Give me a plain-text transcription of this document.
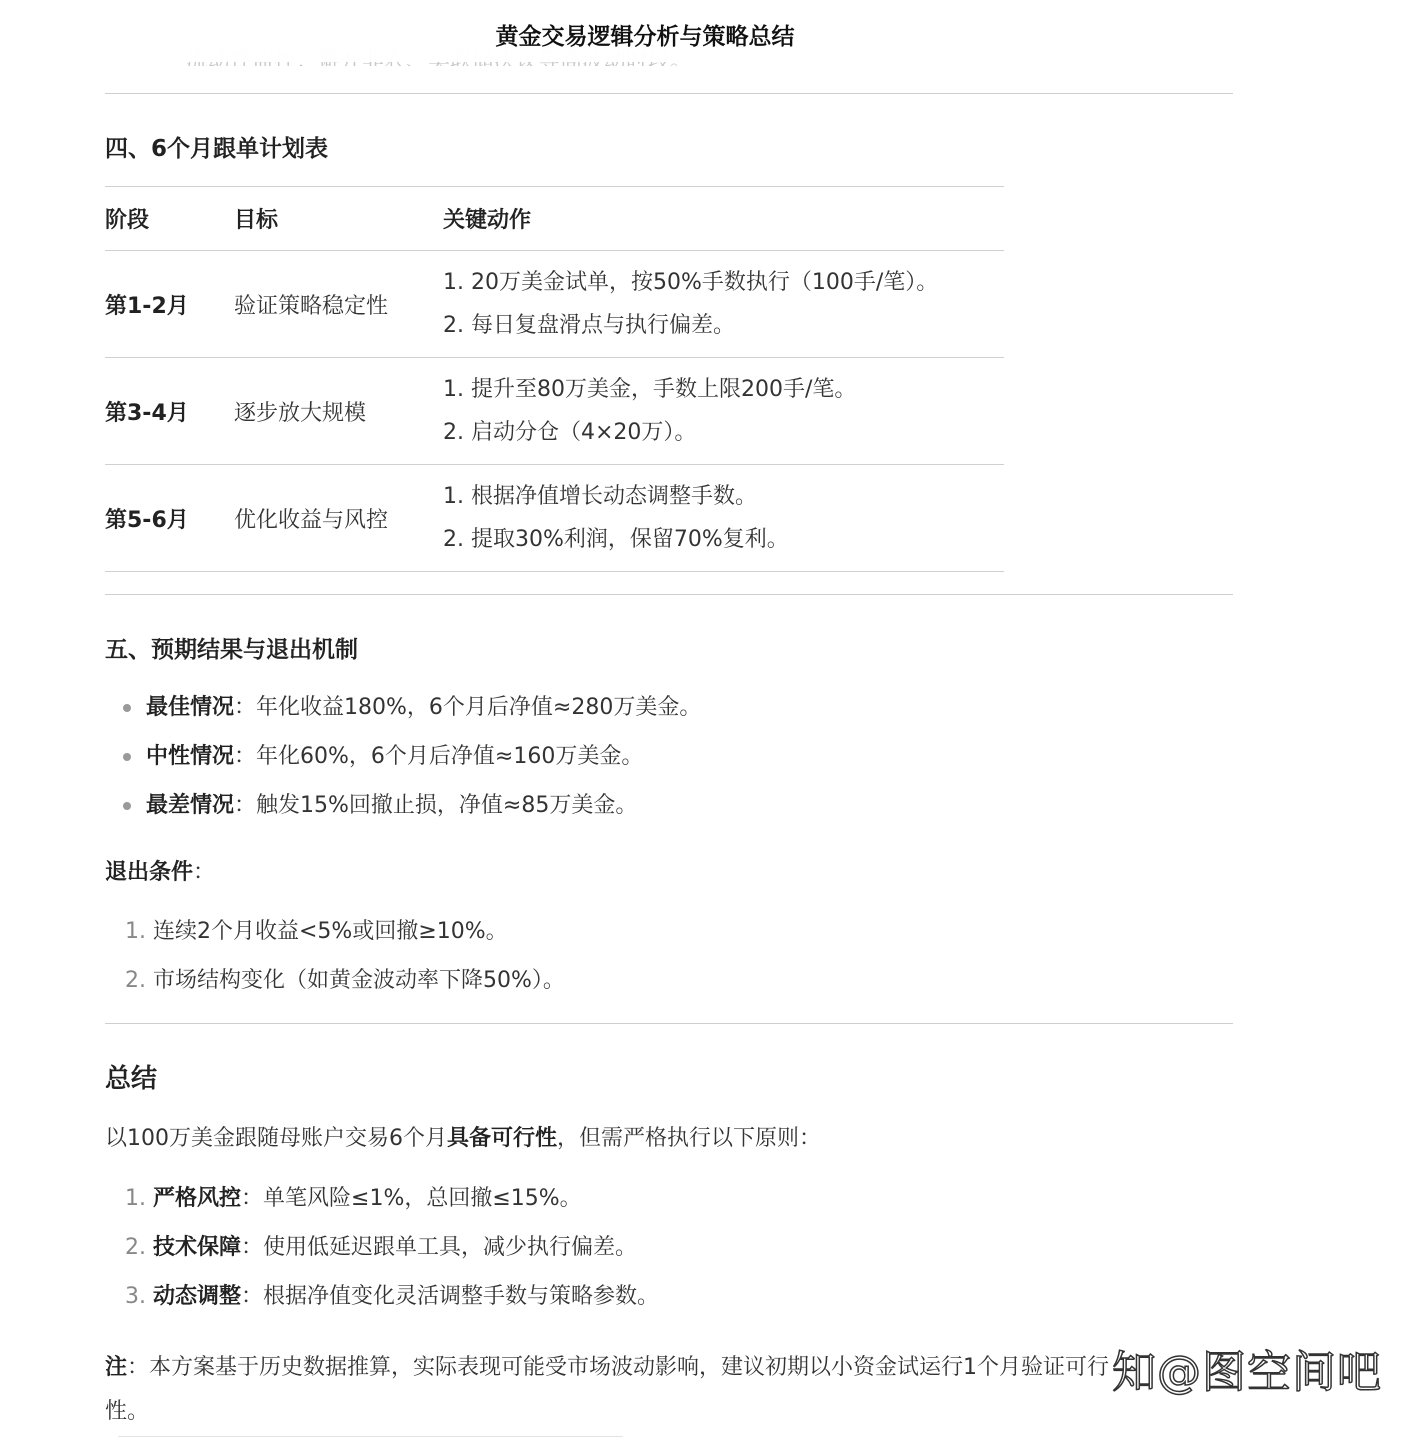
黄金交易逻辑分析与策略总结
四、6个月跟单计划表
阶段	目标	关键动作
第1-2月	验证策略稳定性	1. 20万美金试单，按50%手数执行（100手/笔）。
2. 每日复盘滑点与执行偏差。

第3-4月	逐步放大规模	1. 提升至80万美金，手数上限200手/笔。
2. 启动分仓（4×20万）。

第5-6月	优化收益与风控	1. 根据净值增长动态调整手数。
2. 提取30%利润，保留70%复利。
五、预期结果与退出机制
最佳情况：年化收益180%，6个月后净值≈280万美金。
中性情况：年化60%，6个月后净值≈160万美金。
最差情况：触发15%回撤止损，净值≈85万美金。
退出条件：
1. 连续2个月收益<5%或回撤≥10%。
2. 市场结构变化（如黄金波动率下降50%）。
总结
以100万美金跟随母账户交易6个月具备可行性，但需严格执行以下原则：
1. 严格风控：单笔风险≤1%，总回撤≤15%。
2. 技术保障：使用低延迟跟单工具，减少执行偏差。
3. 动态调整：根据净值变化灵活调整手数与策略参数。
注：本方案基于历史数据推算，实际表现可能受市场波动影响，建议初期以小资金试运行1个月验证可行
性。
知@图空间吧
